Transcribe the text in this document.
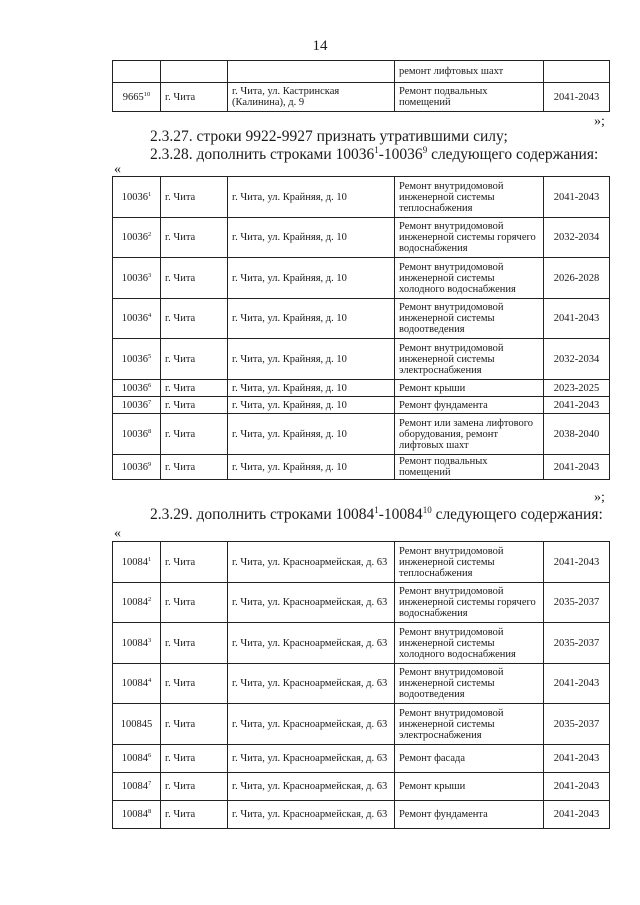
14
			ремонт лифтовых шахт	
9665$^{10}$	г. Чита	г. Чита, ул. Кастринская (Калинина), д. 9	Ремонт подвальных помещений	2041-2043
»;
2.3.27. строки 9922-9927 признать утратившими силу;
2.3.28. дополнить строками 10036$^1$-10036$^9$ следующего содержания:
«
10036$^1$	г. Чита	г. Чита, ул. Крайняя, д. 10	Ремонт внутридомовой инженерной системы теплоснабжения	2041-2043
10036$^2$	г. Чита	г. Чита, ул. Крайняя, д. 10	Ремонт внутридомовой инженерной системы горячего водоснабжения	2032-2034
10036$^3$	г. Чита	г. Чита, ул. Крайняя, д. 10	Ремонт внутридомовой инженерной системы холодного водоснабжения	2026-2028
10036$^4$	г. Чита	г. Чита, ул. Крайняя, д. 10	Ремонт внутридомовой инженерной системы водоотведения	2041-2043
10036$^5$	г. Чита	г. Чита, ул. Крайняя, д. 10	Ремонт внутридомовой инженерной системы электроснабжения	2032-2034
10036$^6$	г. Чита	г. Чита, ул. Крайняя, д. 10	Ремонт крыши	2023-2025
10036$^7$	г. Чита	г. Чита, ул. Крайняя, д. 10	Ремонт фундамента	2041-2043
10036$^8$	г. Чита	г. Чита, ул. Крайняя, д. 10	Ремонт или замена лифтового оборудования, ремонт лифтовых шахт	2038-2040
10036$^9$	г. Чита	г. Чита, ул. Крайняя, д. 10	Ремонт подвальных помещений	2041-2043
»;
2.3.29. дополнить строками 10084$^1$-10084$^{10}$ следующего содержания:
«
10084$^1$	г. Чита	г. Чита, ул. Красноармейская, д. 63	Ремонт внутридомовой инженерной системы теплоснабжения	2041-2043
10084$^2$	г. Чита	г. Чита, ул. Красноармейская, д. 63	Ремонт внутридомовой инженерной системы горячего водоснабжения	2035-2037
10084$^3$	г. Чита	г. Чита, ул. Красноармейская, д. 63	Ремонт внутридомовой инженерной системы холодного водоснабжения	2035-2037
10084$^4$	г. Чита	г. Чита, ул. Красноармейская, д. 63	Ремонт внутридомовой инженерной системы водоотведения	2041-2043
100845	г. Чита	г. Чита, ул. Красноармейская, д. 63	Ремонт внутридомовой инженерной системы электроснабжения	2035-2037
10084$^6$	г. Чита	г. Чита, ул. Красноармейская, д. 63	Ремонт фасада	2041-2043
10084$^7$	г. Чита	г. Чита, ул. Красноармейская, д. 63	Ремонт крыши	2041-2043
10084$^8$	г. Чита	г. Чита, ул. Красноармейская, д. 63	Ремонт фундамента	2041-2043
